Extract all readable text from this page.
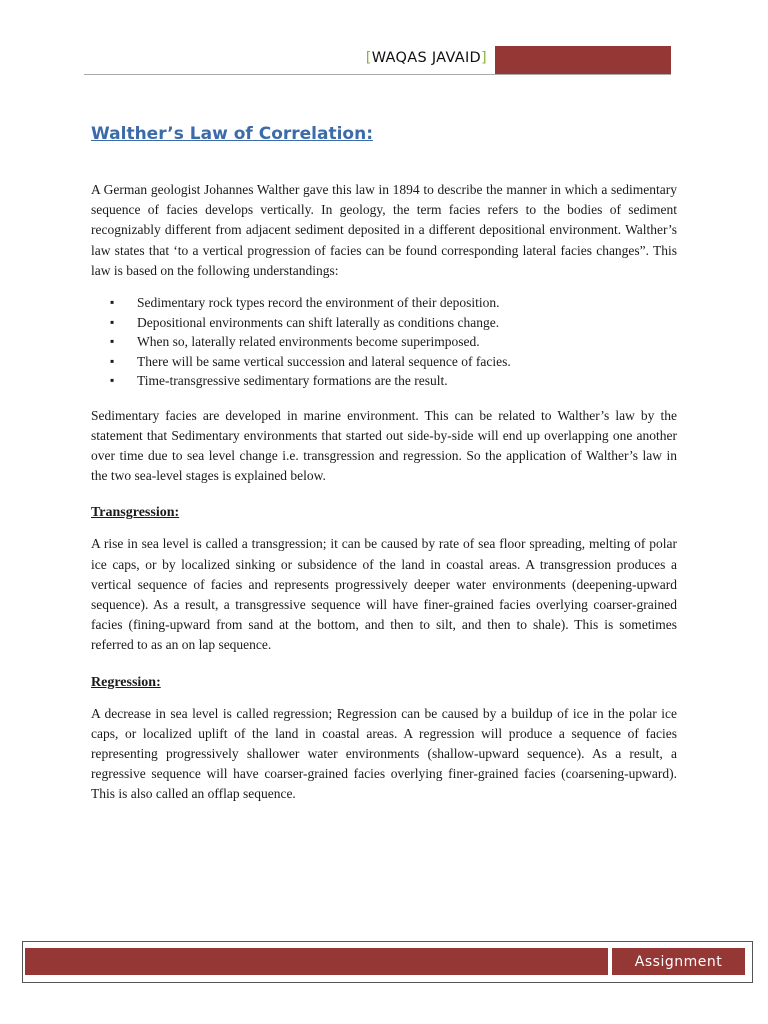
[WAQAS JAVAID]
Walther’s Law of Correlation:

A German geologist Johannes Walther gave this law in 1894 to describe the manner in which a sedimentary sequence of facies develops vertically. In geology, the term facies refers to the bodies of sediment recognizably different from adjacent sediment deposited in a different depositional environment. Walther’s law states that ‘to a vertical progression of facies can be found corresponding lateral facies changes”. This law is based on the following understandings:

▪ Sedimentary rock types record the environment of their deposition.
▪ Depositional environments can shift laterally as conditions change.
▪ When so, laterally related environments become superimposed.
▪ There will be same vertical succession and lateral sequence of facies.
▪ Time-transgressive sedimentary formations are the result.

Sedimentary facies are developed in marine environment. This can be related to Walther’s law by the statement that Sedimentary environments that started out side-by-side will end up overlapping one another over time due to sea level change i.e. transgression and regression. So the application of Walther’s law in the two sea-level stages is explained below.

Transgression:

A rise in sea level is called a transgression; it can be caused by rate of sea floor spreading, melting of polar ice caps, or by localized sinking or subsidence of the land in coastal areas. A transgression produces a vertical sequence of facies and represents progressively deeper water environments (deepening-upward sequence). As a result, a transgressive sequence will have finer-grained facies overlying coarser-grained facies (fining-upward from sand at the bottom, and then to silt, and then to shale). This is sometimes referred to as an on lap sequence.

Regression:

A decrease in sea level is called regression; Regression can be caused by a buildup of ice in the polar ice caps, or localized uplift of the land in coastal areas. A regression will produce a sequence of facies representing progressively shallower water environments (shallow-upward sequence). As a result, a regressive sequence will have coarser-grained facies overlying finer-grained facies (coarsening-upward). This is also called an offlap sequence.

Assignment
